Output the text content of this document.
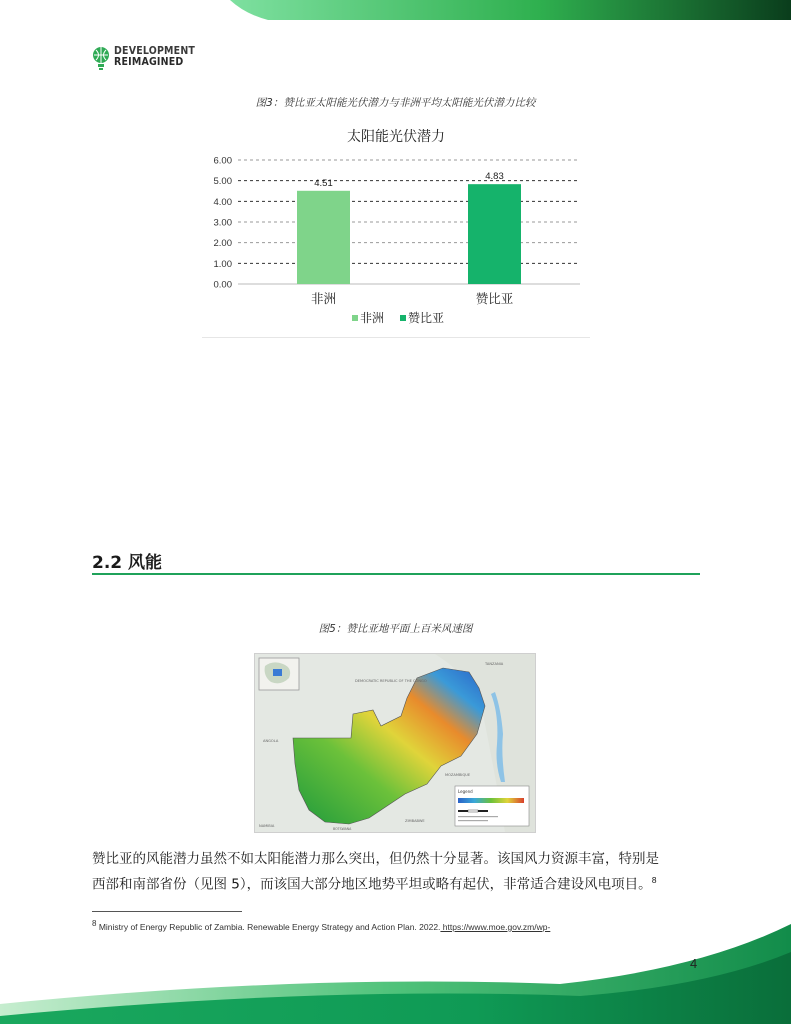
DEVELOPMENT
REIMAGINED
图3：赞比亚太阳能光伏潜力与非洲平均太阳能光伏潜力比较
太阳能光伏潜力
6.00
5.00
4.00
3.00
2.00
1.00
0.00
4.51
4.83
非洲	赞比亚
非洲 赞比亚
2.2 风能
图5：赞比亚地平面上百米风速图
DEMOCRATIC REPUBLIC OF THE CONGO
TANZANIA
ANGOLA
MOZAMBIQUE
ZIMBABWE
NAMIBIA
BOTSWANA
Legend
赞比亚的风能潜力虽然不如太阳能潜力那么突出，但仍然十分显著。该国风力资源丰富，特别是
西部和南部省份（见图 5），而该国大部分地区地势平坦或略有起伏，非常适合建设风电项目。$^8$
$^8$ Ministry of Energy Republic of Zambia. Renewable Energy Strategy and Action Plan. 2022. https://www.moe.gov.zm/wp-
4
